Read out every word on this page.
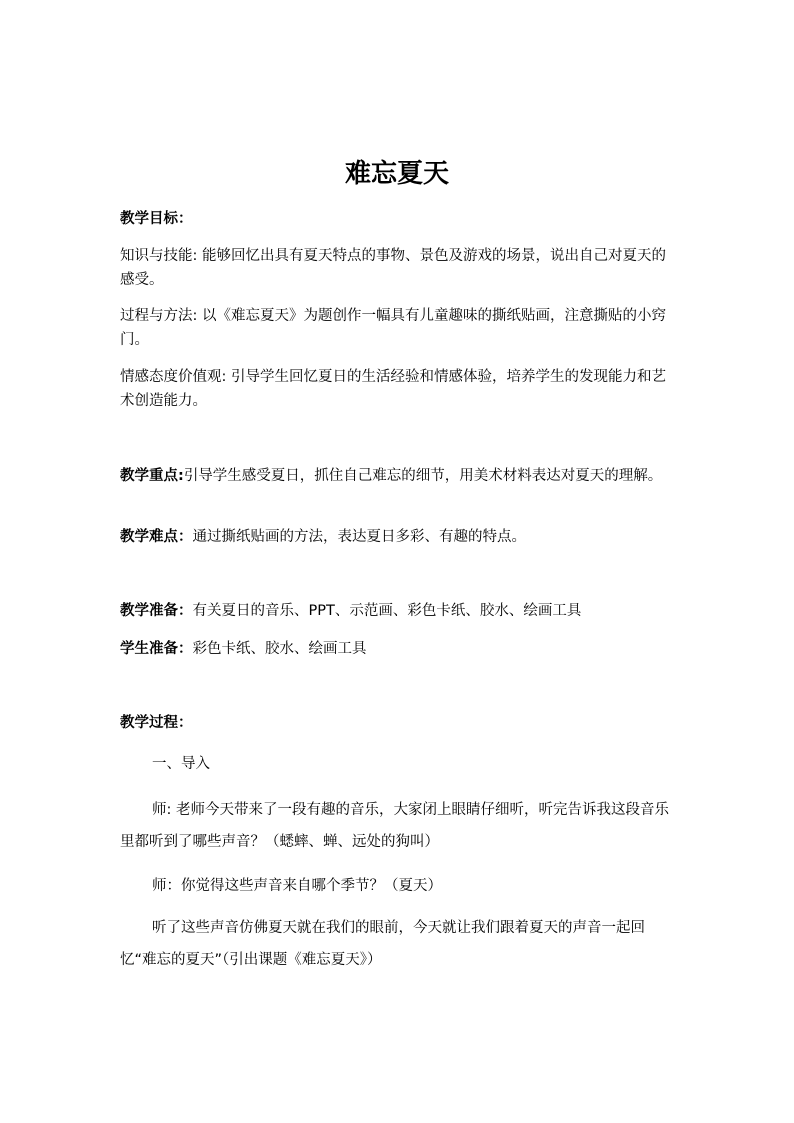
难忘夏天

教学目标：

知识与技能: 能够回忆出具有夏天特点的事物、景色及游戏的场景，说出自己对夏天的感受。

过程与方法: 以《难忘夏天》为题创作一幅具有儿童趣味的撕纸贴画，注意撕贴的小窍门。

情感态度价值观: 引导学生回忆夏日的生活经验和情感体验，培养学生的发现能力和艺术创造能力。

教学重点:引导学生感受夏日，抓住自己难忘的细节，用美术材料表达对夏天的理解。

教学难点：通过撕纸贴画的方法，表达夏日多彩、有趣的特点。

教学准备：有关夏日的音乐、PPT、示范画、彩色卡纸、胶水、绘画工具

学生准备：彩色卡纸、胶水、绘画工具

教学过程：

一、导入

师: 老师今天带来了一段有趣的音乐，大家闭上眼睛仔细听，听完告诉我这段音乐里都听到了哪些声音？（蟋蟀、蝉、远处的狗叫）

师：你觉得这些声音来自哪个季节？（夏天）

听了这些声音仿佛夏天就在我们的眼前，今天就让我们跟着夏天的声音一起回忆“难忘的夏天”（引出课题《难忘夏天》）
